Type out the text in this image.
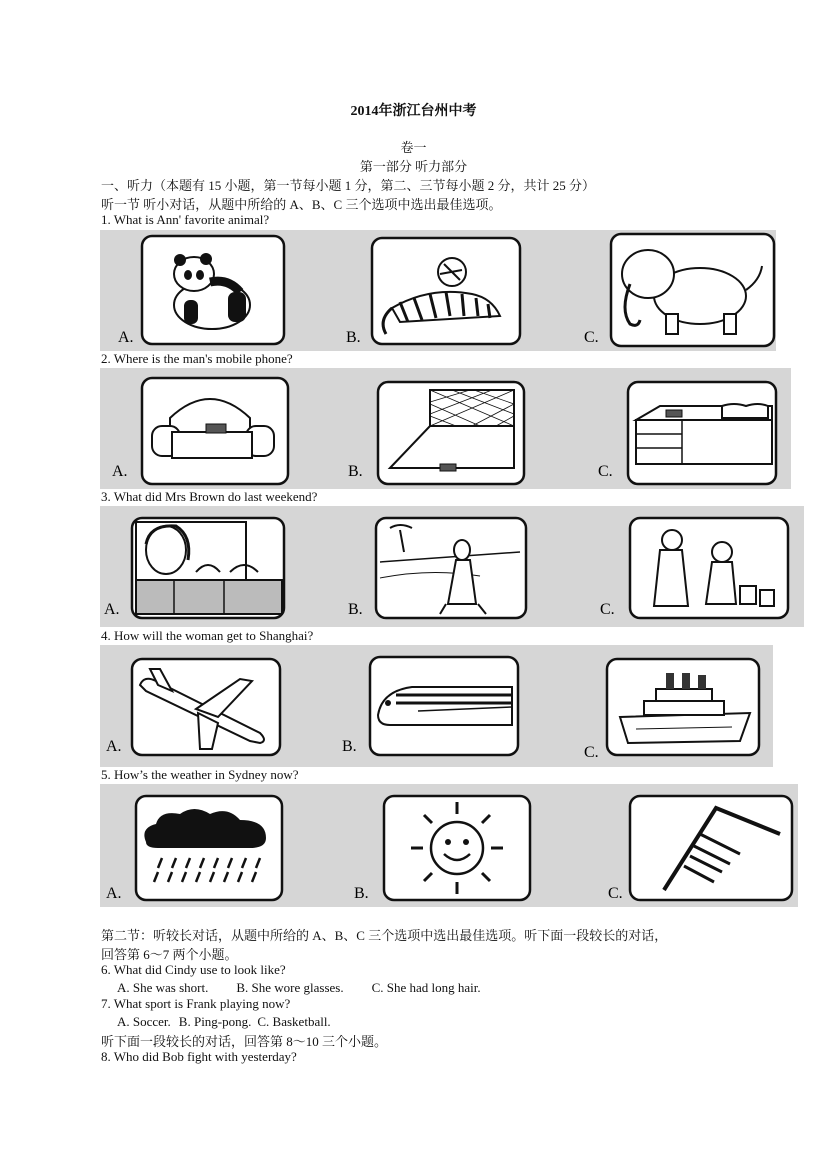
2014年浙江台州中考
卷一
第一部分 听力部分
一、听力（本题有 15 小题，第一节每小题 1 分，第二、三节每小题 2 分，共计 25 分）
听一节 听小对话，从题中所给的 A、B、C 三个选项中选出最佳选项。
1. What is Ann' favorite animal?
A.	B.	C.
2. Where is the man's mobile phone?
A.	B.	C.
3. What did Mrs Brown do last weekend?
A.	B.	C.
4. How will the woman get to Shanghai?
A.	B.	C.
5. How’s the weather in Sydney now?
A.	B.	C.
第二节：听较长对话，从题中所给的 A、B、C 三个选项中选出最佳选项。听下面一段较长的对话，
回答第 6〜7 两个小题。
6. What did Cindy use to look like?
A. She was short. B. She wore glasses. C. She had long hair.
7. What sport is Frank playing now?
A. Soccer. B. Ping-pong. C. Basketball.
听下面一段较长的对话，回答第 8〜10 三个小题。
8. Who did Bob fight with yesterday?
